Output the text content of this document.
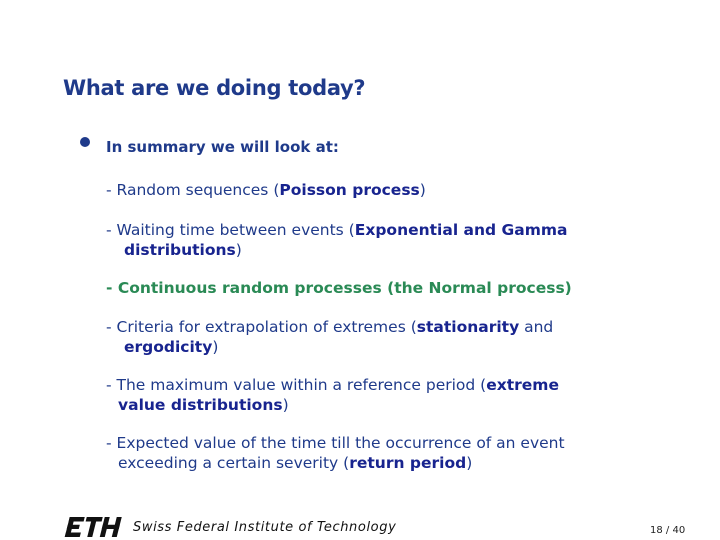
What are we doing today?
In summary we will look at:
- Random sequences (Poisson process)
- Waiting time between events (Exponential and Gamma
distributions)
- Continuous random processes (the Normal process)
- Criteria for extrapolation of extremes (stationarity and
ergodicity)
- The maximum value within a reference period (extreme
value distributions)
- Expected value of the time till the occurrence of an event
exceeding a certain severity (return period)
Swiss Federal Institute of Technology	18 / 40
